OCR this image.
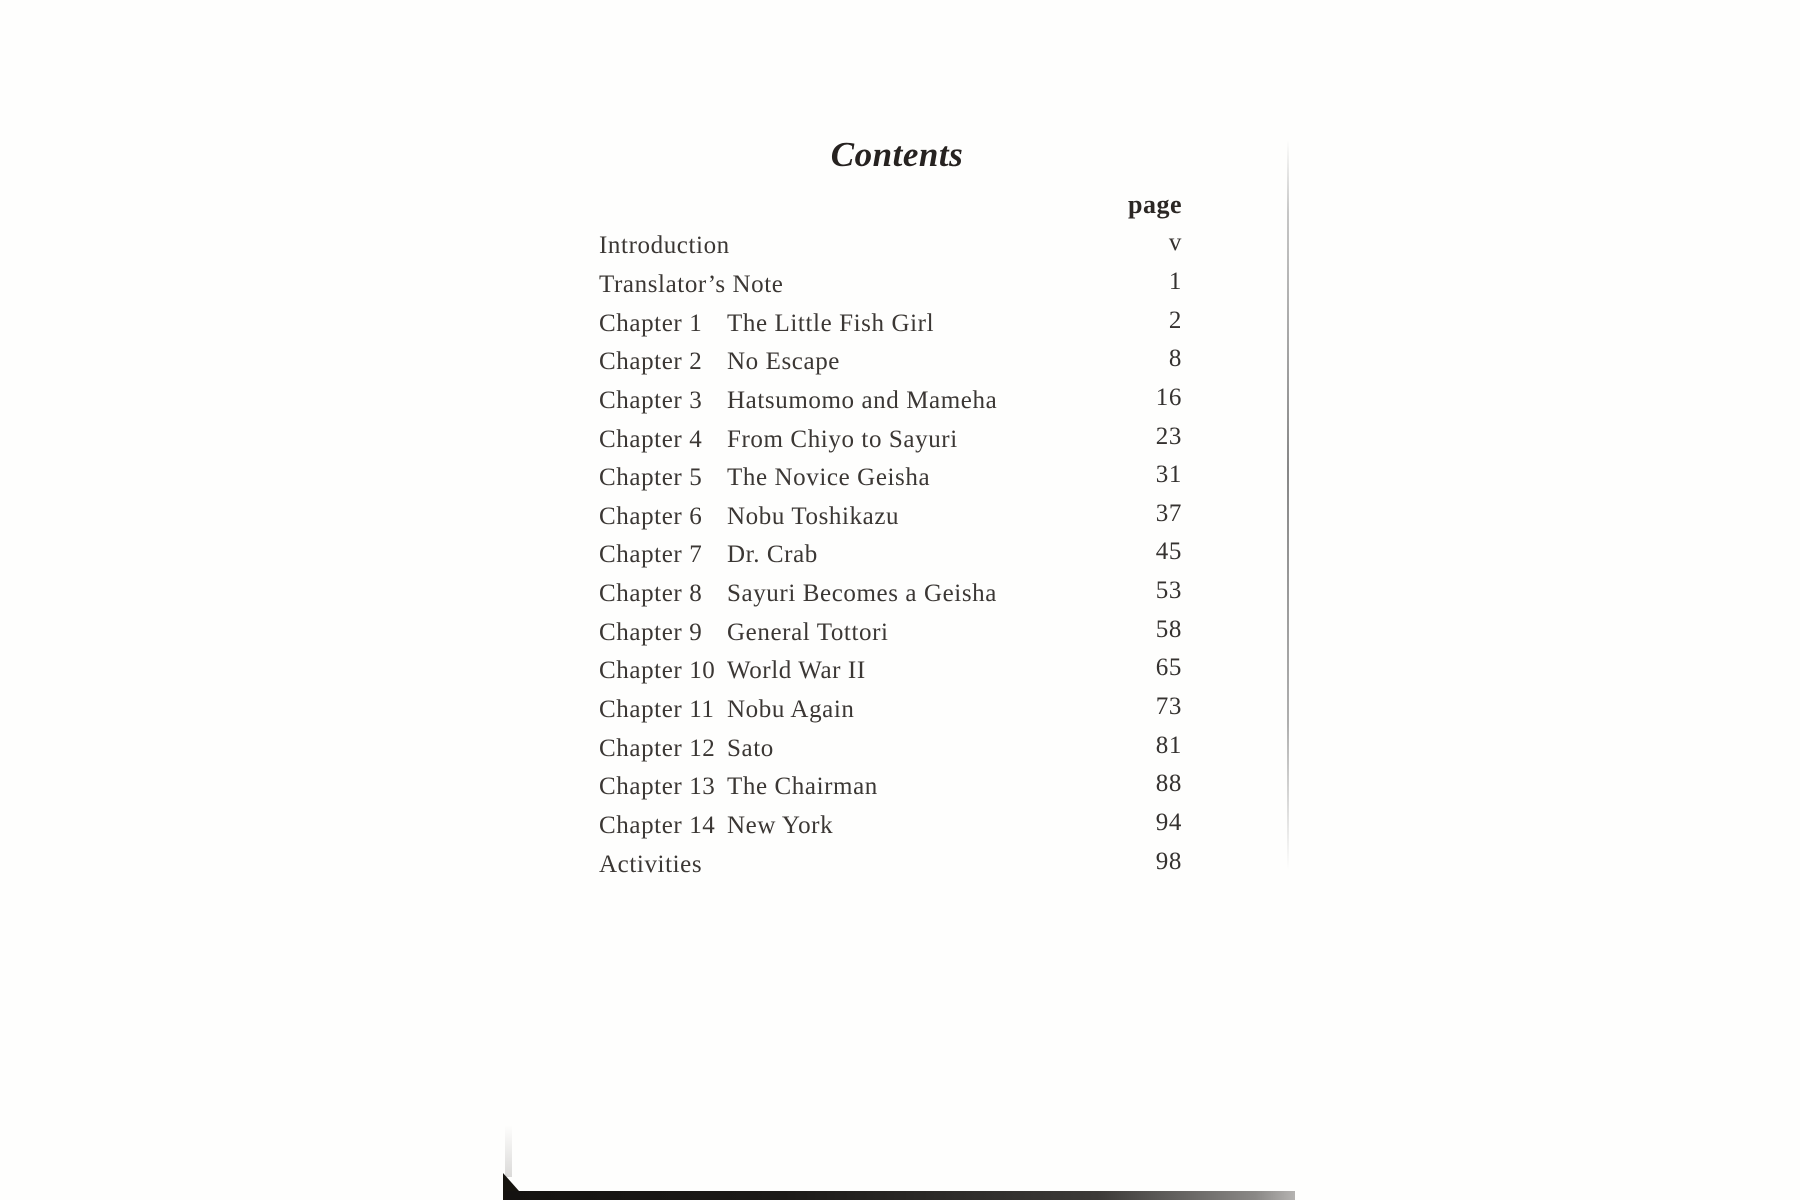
Contents
page
Introduction	v
Translator’s Note	1
Chapter 1 The Little Fish Girl	2
Chapter 2 No Escape	8
Chapter 3 Hatsumomo and Mameha	16
Chapter 4 From Chiyo to Sayuri	23
Chapter 5 The Novice Geisha	31
Chapter 6 Nobu Toshikazu	37
Chapter 7 Dr. Crab	45
Chapter 8 Sayuri Becomes a Geisha	53
Chapter 9 General Tottori	58
Chapter 10 World War II	65
Chapter 11 Nobu Again	73
Chapter 12 Sato	81
Chapter 13 The Chairman	88
Chapter 14 New York	94
Activities	98
